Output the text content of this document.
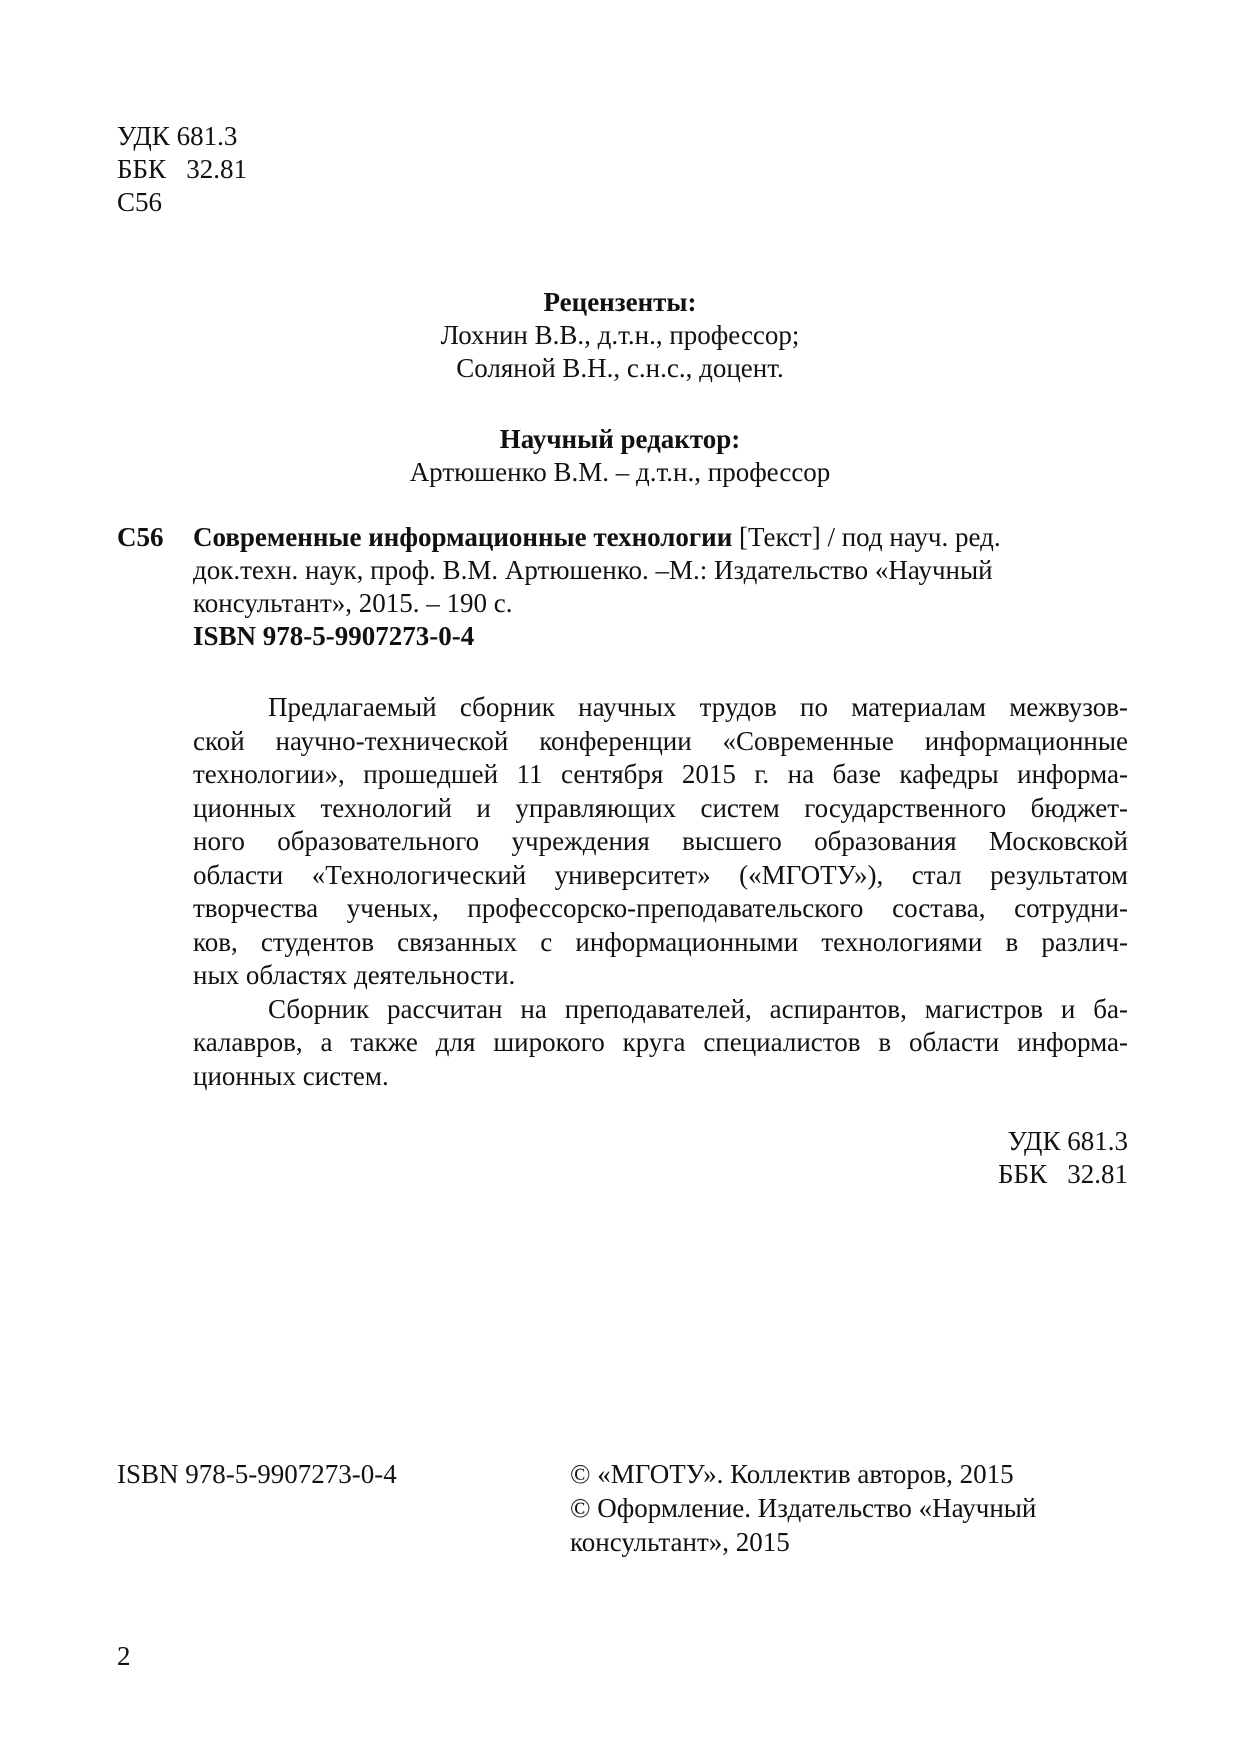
УДК 681.3
ББК   32.81
С56
Рецензенты:
Лохнин В.В., д.т.н., профессор;
Соляной В.Н., с.н.с., доцент.
Научный редактор:
Артюшенко В.М. – д.т.н., профессор
С56 Современные информационные технологии [Текст] / под науч. ред.
док.техн. наук, проф. В.М. Артюшенко. –М.: Издательство «Научный
консультант», 2015. – 190 с.
ISBN 978-5-9907273-0-4
Предлагаемый сборник научных трудов по материалам межвузов-
ской научно-технической конференции «Современные информационные
технологии», прошедшей 11 сентября 2015 г. на базе кафедры информа-
ционных технологий и управляющих систем государственного бюджет-
ного образовательного учреждения высшего образования Московской
области «Технологический университет» («МГОТУ»), стал результатом
творчества ученых, профессорско-преподавательского состава, сотрудни-
ков, студентов связанных с информационными технологиями в различ-
ных областях деятельности.
Сборник рассчитан на преподавателей, аспирантов, магистров и ба-
калавров, а также для широкого круга специалистов в области информа-
ционных систем.
УДК 681.3
ББК   32.81
ISBN 978-5-9907273-0-4	© «МГОТУ». Коллектив авторов, 2015
© Оформление. Издательство «Научный
консультант», 2015
2
